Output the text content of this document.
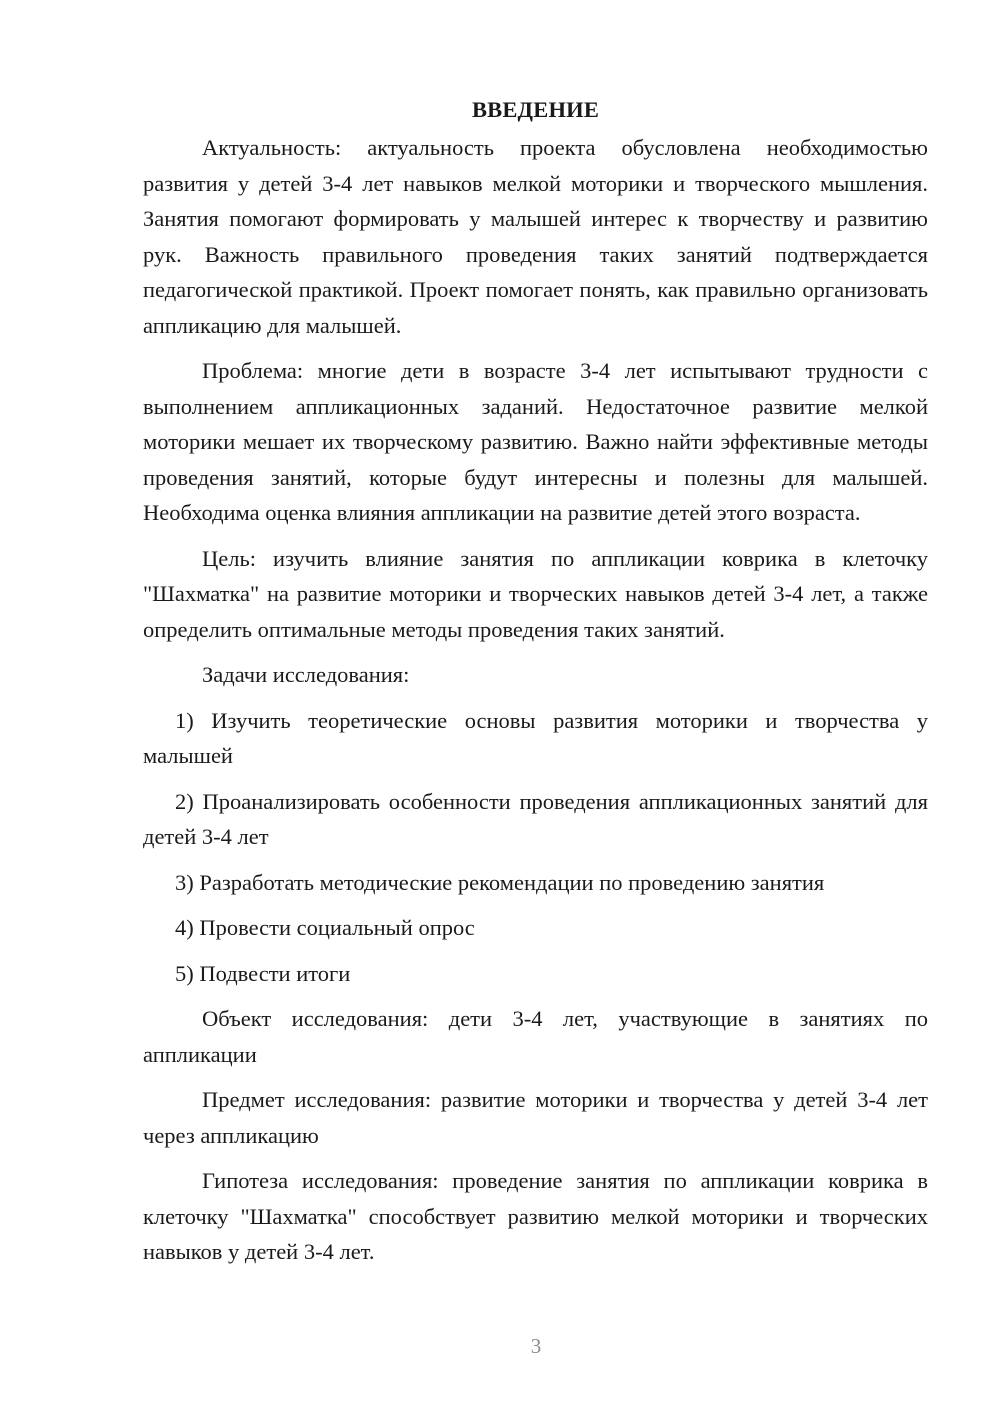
ВВЕДЕНИЕ

Актуальность: актуальность проекта обусловлена необходимостью развития у детей 3-4 лет навыков мелкой моторики и творческого мышления. Занятия помогают формировать у малышей интерес к творчеству и развитию рук. Важность правильного проведения таких занятий подтверждается педагогической практикой. Проект помогает понять, как правильно организовать аппликацию для малышей.

Проблема: многие дети в возрасте 3-4 лет испытывают трудности с выполнением аппликационных заданий. Недостаточное развитие мелкой моторики мешает их творческому развитию. Важно найти эффективные методы проведения занятий, которые будут интересны и полезны для малышей. Необходима оценка влияния аппликации на развитие детей этого возраста.

Цель: изучить влияние занятия по аппликации коврика в клеточку "Шахматка" на развитие моторики и творческих навыков детей 3-4 лет, а также определить оптимальные методы проведения таких занятий.

Задачи исследования:

1) Изучить теоретические основы развития моторики и творчества у малышей

2) Проанализировать особенности проведения аппликационных занятий для детей 3-4 лет

3) Разработать методические рекомендации по проведению занятия

4) Провести социальный опрос

5) Подвести итоги

Объект исследования: дети 3-4 лет, участвующие в занятиях по аппликации

Предмет исследования: развитие моторики и творчества у детей 3-4 лет через аппликацию

Гипотеза исследования: проведение занятия по аппликации коврика в клеточку "Шахматка" способствует развитию мелкой моторики и творческих навыков у детей 3-4 лет.

3
